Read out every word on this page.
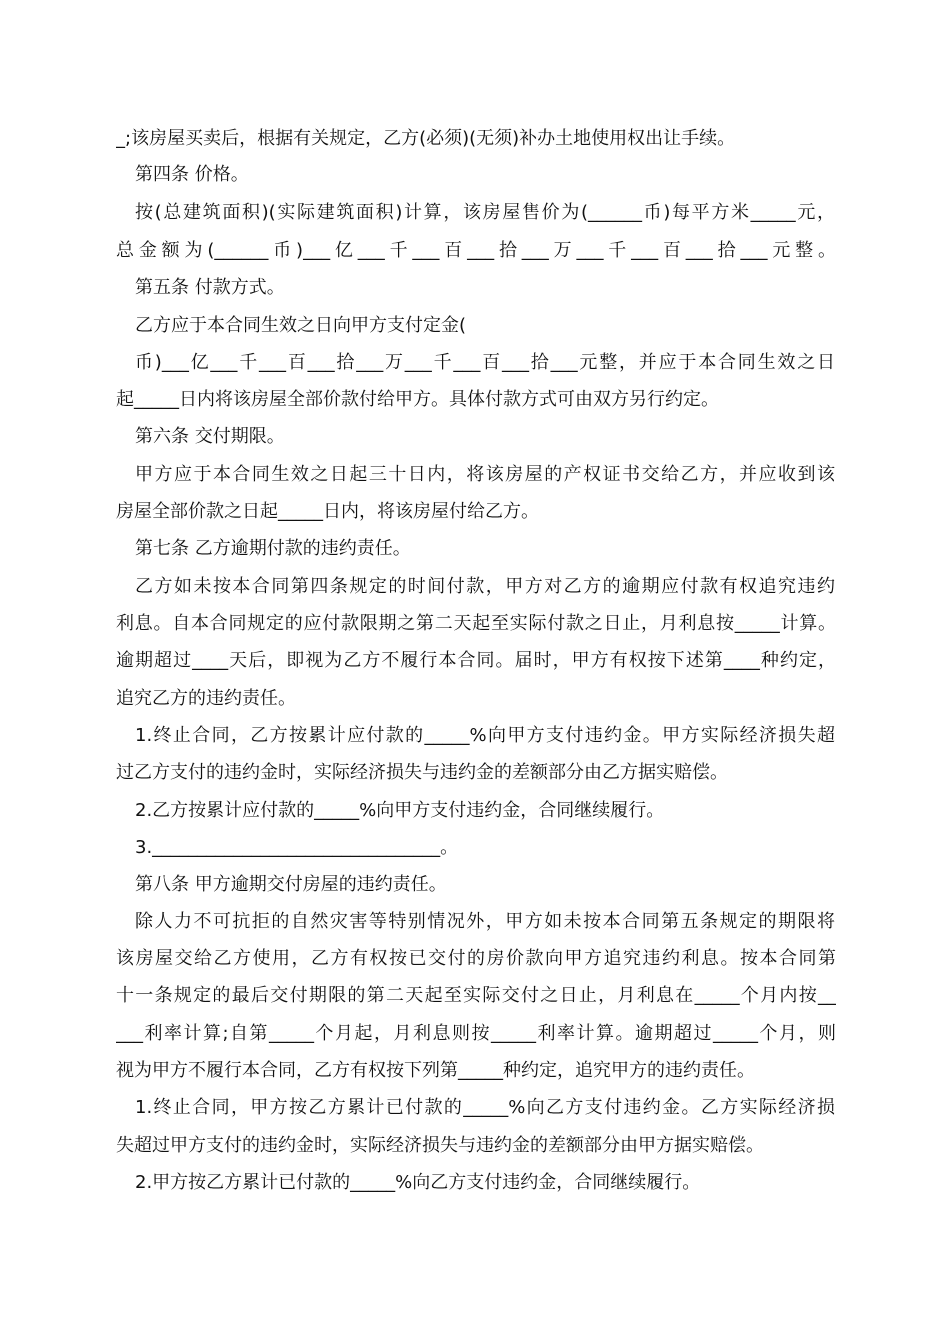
_;该房屋买卖后，根据有关规定，乙方(必须)(无须)补办土地使用权出让手续。
第四条 价格。
按(总建筑面积)(实际建筑面积)计算，该房屋售价为(______币)每平方米_____元，
总金额为(______币)___亿___千___百___拾___万___千___百___拾___元整。
第五条 付款方式。
乙方应于本合同生效之日向甲方支付定金(
币)___亿___千___百___拾___万___千___百___拾___元整，并应于本合同生效之日
起_____日内将该房屋全部价款付给甲方。具体付款方式可由双方另行约定。
第六条 交付期限。
甲方应于本合同生效之日起三十日内，将该房屋的产权证书交给乙方，并应收到该
房屋全部价款之日起_____日内，将该房屋付给乙方。
第七条 乙方逾期付款的违约责任。
乙方如未按本合同第四条规定的时间付款，甲方对乙方的逾期应付款有权追究违约
利息。自本合同规定的应付款限期之第二天起至实际付款之日止，月利息按_____计算。
逾期超过____天后，即视为乙方不履行本合同。届时，甲方有权按下述第____种约定，
追究乙方的违约责任。
1.终止合同，乙方按累计应付款的_____%向甲方支付违约金。甲方实际经济损失超
过乙方支付的违约金时，实际经济损失与违约金的差额部分由乙方据实赔偿。
2.乙方按累计应付款的_____%向甲方支付违约金，合同继续履行。
3.________________________________。
第八条 甲方逾期交付房屋的违约责任。
除人力不可抗拒的自然灾害等特别情况外，甲方如未按本合同第五条规定的期限将
该房屋交给乙方使用，乙方有权按已交付的房价款向甲方追究违约利息。按本合同第
十一条规定的最后交付期限的第二天起至实际交付之日止，月利息在_____个月内按__
___利率计算;自第_____个月起，月利息则按_____利率计算。逾期超过_____个月，则
视为甲方不履行本合同，乙方有权按下列第_____种约定，追究甲方的违约责任。
1.终止合同，甲方按乙方累计已付款的_____%向乙方支付违约金。乙方实际经济损
失超过甲方支付的违约金时，实际经济损失与违约金的差额部分由甲方据实赔偿。
2.甲方按乙方累计已付款的_____%向乙方支付违约金，合同继续履行。
